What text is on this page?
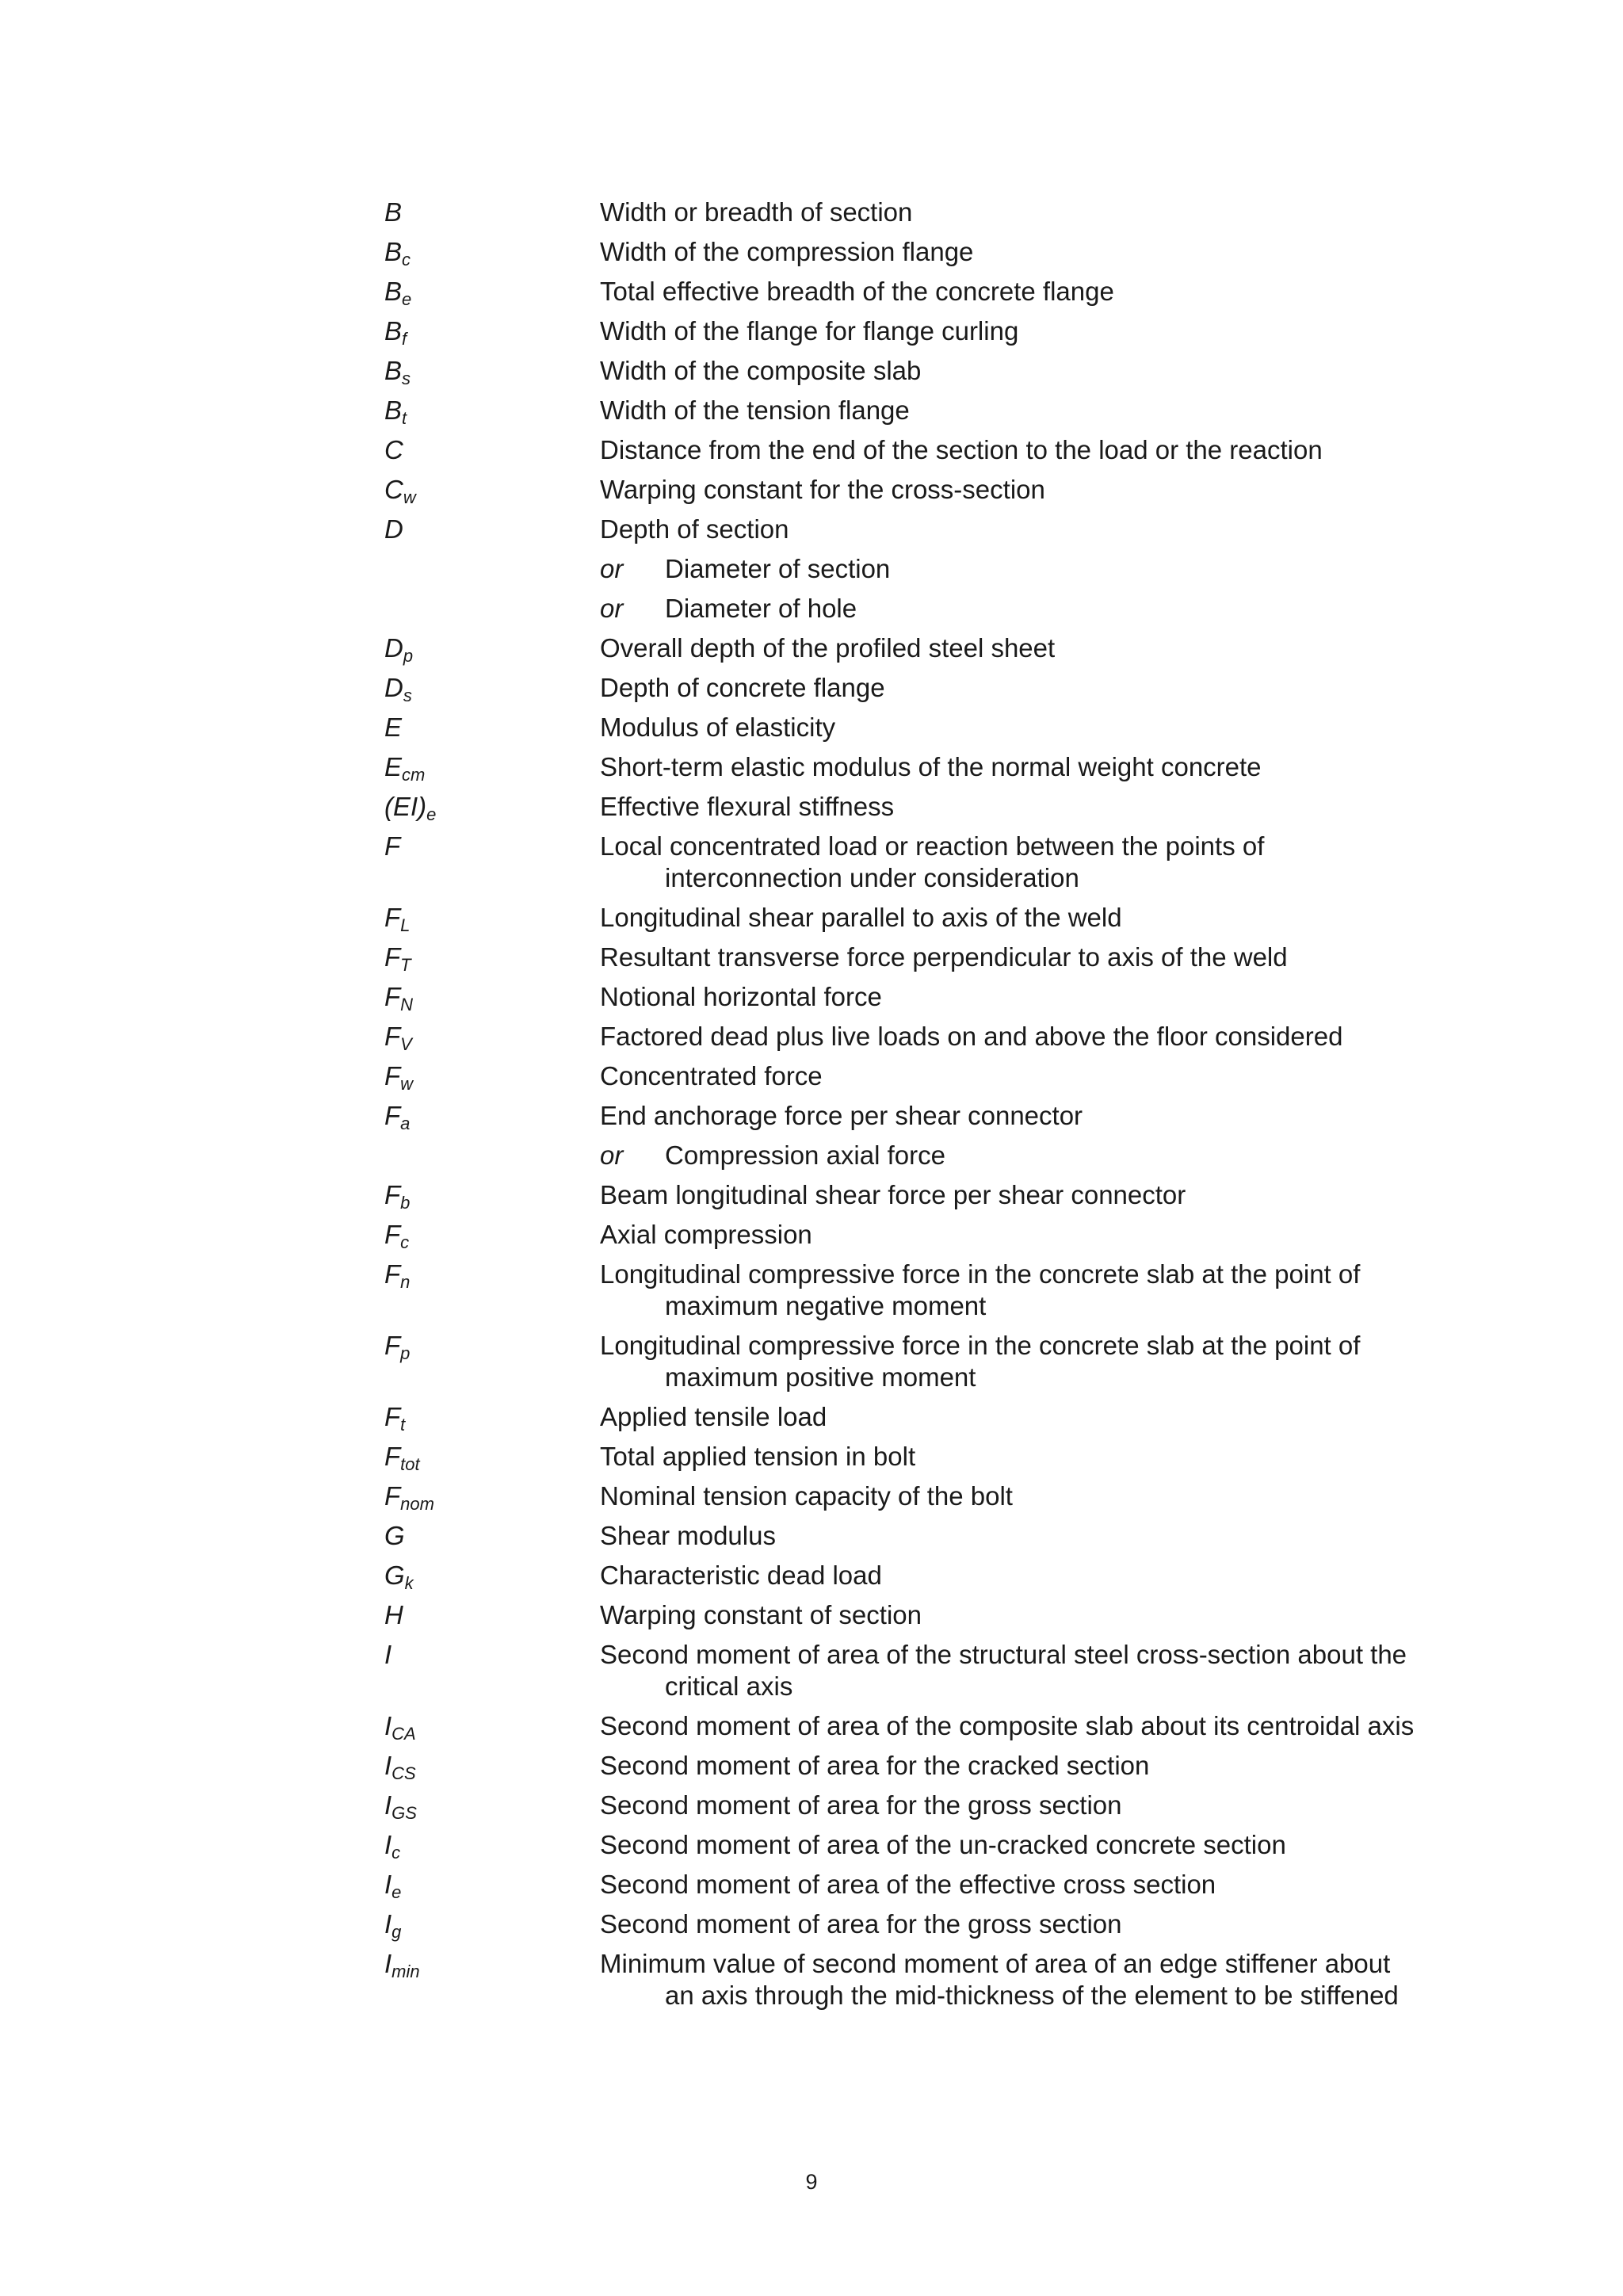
B	Width or breadth of section
$B_c$	Width of the compression flange
$B_e$	Total effective breadth of the concrete flange
$B_f$	Width of the flange for flange curling
$B_s$	Width of the composite slab
$B_t$	Width of the tension flange
C	Distance from the end of the section to the load or the reaction
$C_w$	Warping constant for the cross-section
D	Depth of section
or Diameter of section
or Diameter of hole
$D_p$	Overall depth of the profiled steel sheet
$D_s$	Depth of concrete flange
E	Modulus of elasticity
$E_{cm}$	Short-term elastic modulus of the normal weight concrete
$(EI)_e$	Effective flexural stiffness
F	Local concentrated load or reaction between the points of interconnection under consideration
$F_L$	Longitudinal shear parallel to axis of the weld
$F_T$	Resultant transverse force perpendicular to axis of the weld
$F_N$	Notional horizontal force
$F_V$	Factored dead plus live loads on and above the floor considered
$F_w$	Concentrated force
$F_a$	End anchorage force per shear connector
or Compression axial force
$F_b$	Beam longitudinal shear force per shear connector
$F_c$	Axial compression
$F_n$	Longitudinal compressive force in the concrete slab at the point of maximum negative moment
$F_p$	Longitudinal compressive force in the concrete slab at the point of maximum positive moment
$F_t$	Applied tensile load
$F_{tot}$	Total applied tension in bolt
$F_{nom}$	Nominal tension capacity of the bolt
G	Shear modulus
$G_k$	Characteristic dead load
H	Warping constant of section
I	Second moment of area of the structural steel cross-section about the critical axis
$I_{CA}$	Second moment of area of the composite slab about its centroidal axis
$I_{CS}$	Second moment of area for the cracked section
$I_{GS}$	Second moment of area for the gross section
$I_c$	Second moment of area of the un-cracked concrete section
$I_e$	Second moment of area of the effective cross section
$I_g$	Second moment of area for the gross section
$I_{min}$	Minimum value of second moment of area of an edge stiffener about an axis through the mid-thickness of the element to be stiffened
9
